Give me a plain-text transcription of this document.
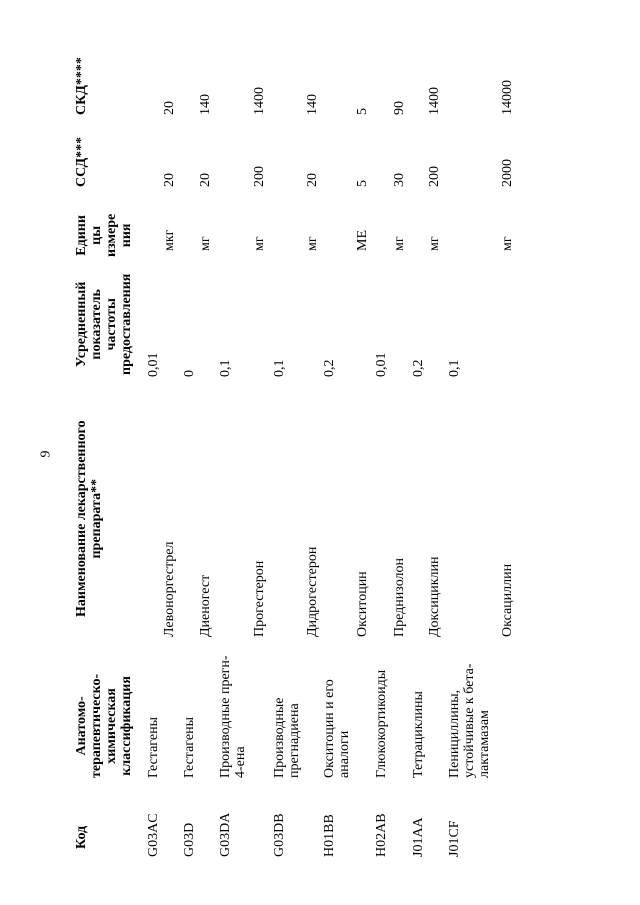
9
Код
Анатомо- терапевтическо- химическая классификация
Наименование лекарственного препарата**
Усредненный показатель частоты предоставления
Едини цы измере ния
ССД***
СКД****
G03AC
Гестагены
0,01
Левоноргестрел
мкг
20
20
G03D
Гестагены
0
Диеногест
мг
20
140
G03DA
Производные прегн- 4-ена
0,1
Прогестерон
мг
200
1400
G03DB
Производные прегнадиена
0,1
Дидрогестерон
мг
20
140
H01BB
Окситоцин и его аналоги
0,2
Окситоцин
МЕ
5
5
H02AB
Глюкокортикоиды
0,01
Преднизолон
мг
30
90
J01AA
Тетрациклины
0,2
Доксициклин
мг
200
1400
J01CF
Пенициллины, устойчивые к бета- лактамазам
0,1
Оксациллин
мг
2000
14000
